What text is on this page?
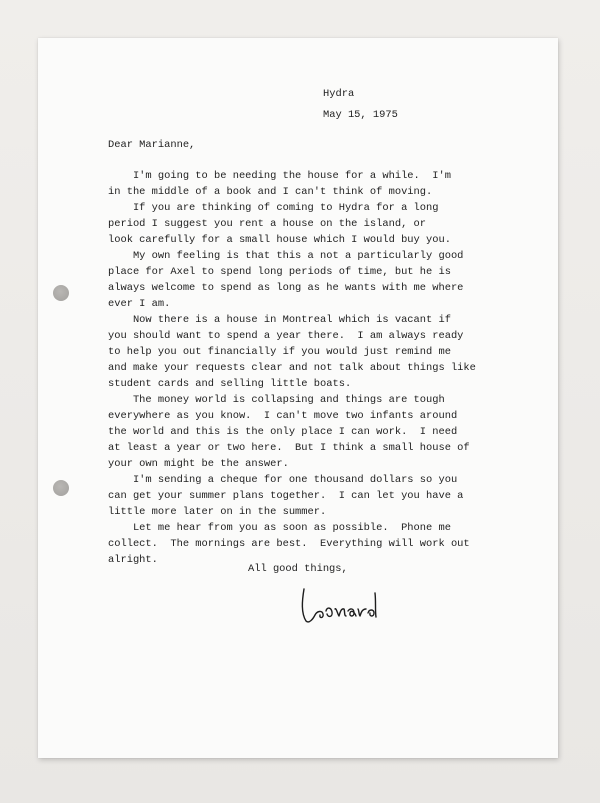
Hydra

May 15, 1975

Dear Marianne,

I'm going to be needing the house for a while.  I'm

in the middle of a book and I can't think of moving.

If you are thinking of coming to Hydra for a long

period I suggest you rent a house on the island, or

look carefully for a small house which I would buy you.

My own feeling is that this a not a particularly good

place for Axel to spend long periods of time, but he is

always welcome to spend as long as he wants with me where

ever I am.

Now there is a house in Montreal which is vacant if

you should want to spend a year there.  I am always ready

to help you out financially if you would just remind me

and make your requests clear and not talk about things like

student cards and selling little boats.

The money world is collapsing and things are tough

everywhere as you know.  I can't move two infants around

the world and this is the only place I can work.  I need

at least a year or two here.  But I think a small house of

your own might be the answer.

I'm sending a cheque for one thousand dollars so you

can get your summer plans together.  I can let you have a

little more later on in the summer.

Let me hear from you as soon as possible.  Phone me

collect.  The mornings are best.  Everything will work out

alright.

All good things,
